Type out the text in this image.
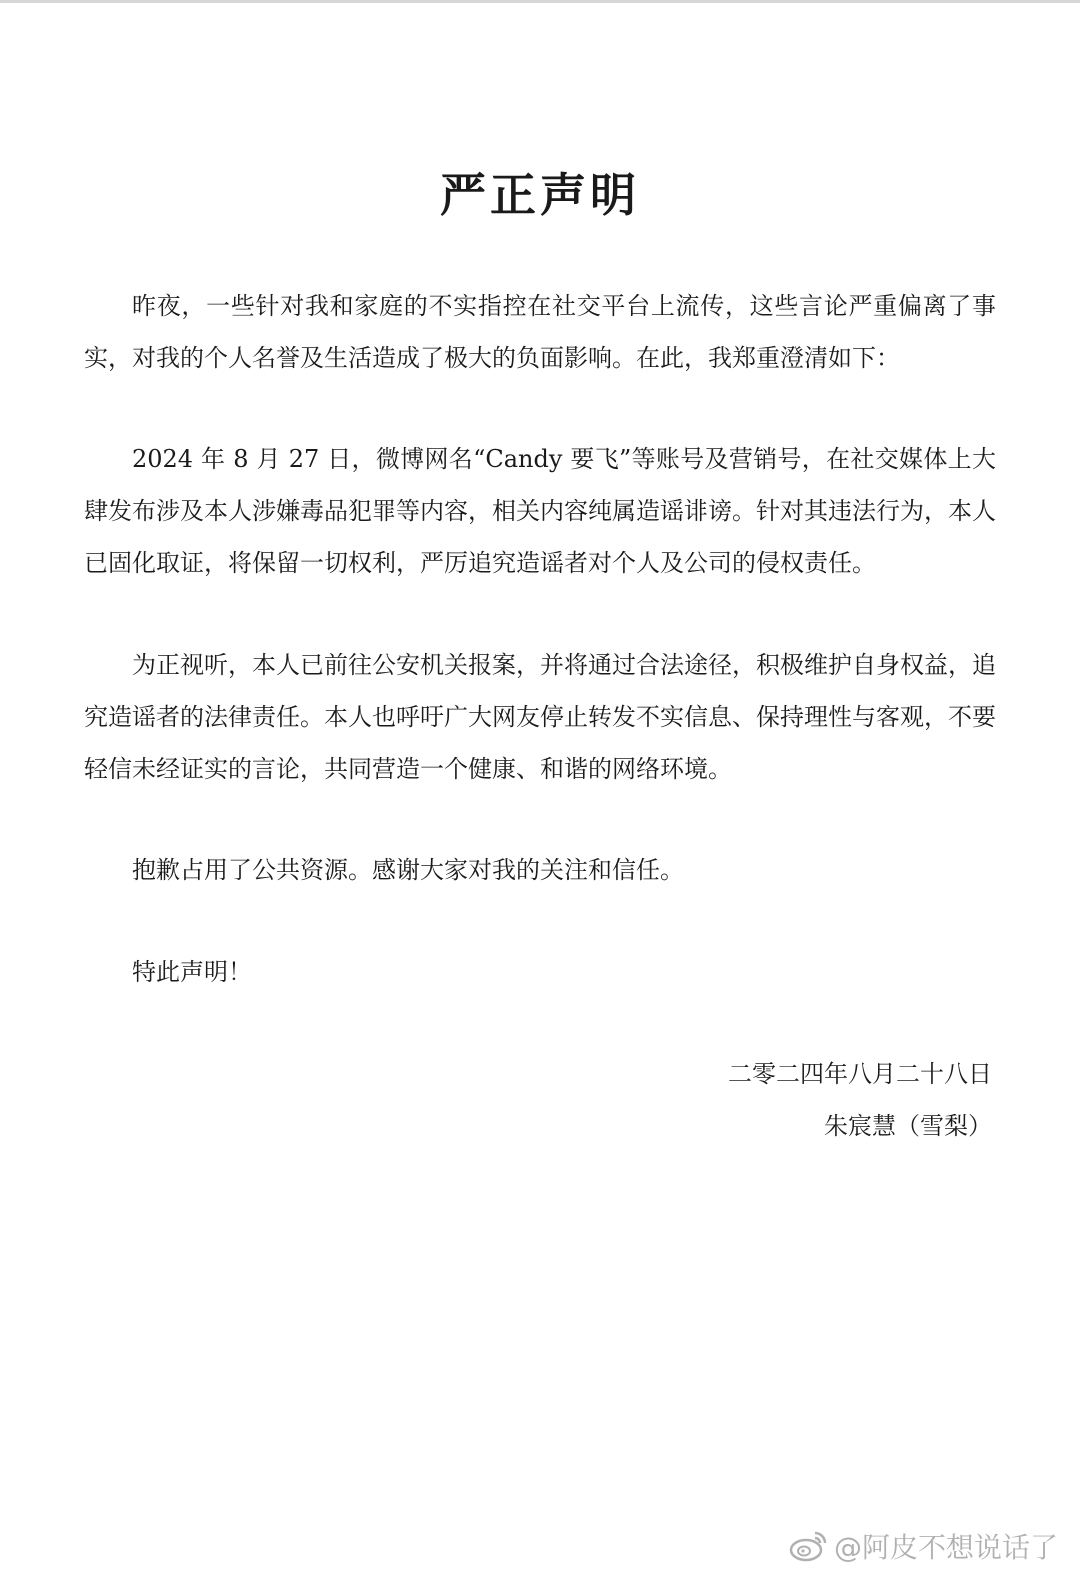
严正声明

昨夜，一些针对我和家庭的不实指控在社交平台上流传，这些言论严重偏离了事实，对我的个人名誉及生活造成了极大的负面影响。在此，我郑重澄清如下：

2024 年 8 月 27 日，微博网名“Candy 要飞”等账号及营销号，在社交媒体上大肆发布涉及本人涉嫌毒品犯罪等内容，相关内容纯属造谣诽谤。针对其违法行为，本人已固化取证，将保留一切权利，严厉追究造谣者对个人及公司的侵权责任。

为正视听，本人已前往公安机关报案，并将通过合法途径，积极维护自身权益，追究造谣者的法律责任。本人也呼吁广大网友停止转发不实信息、保持理性与客观，不要轻信未经证实的言论，共同营造一个健康、和谐的网络环境。

抱歉占用了公共资源。感谢大家对我的关注和信任。

特此声明！

二零二四年八月二十八日

朱宸慧（雪梨）

@阿皮不想说话了
